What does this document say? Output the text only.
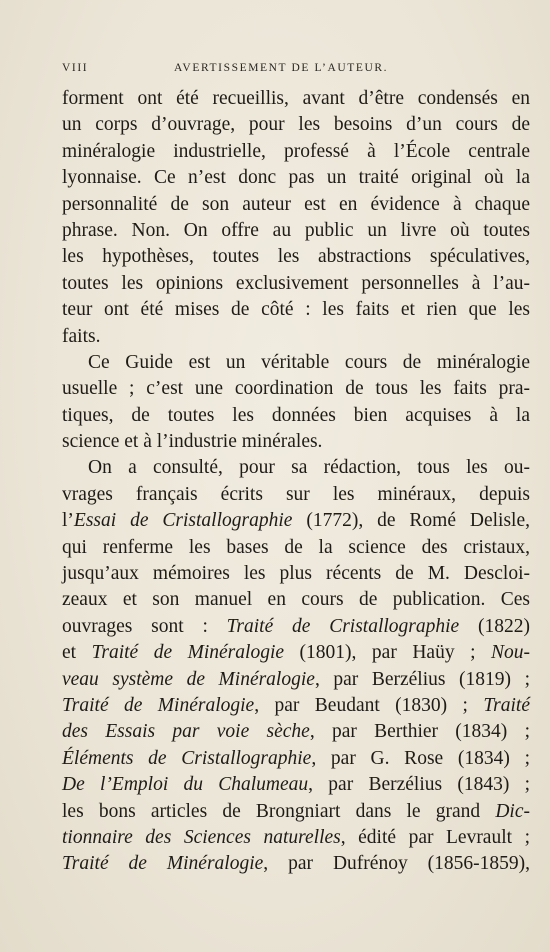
VIII	AVERTISSEMENT DE L’AUTEUR.
forment ont été recueillis, avant d’être condensés en
un corps d’ouvrage, pour les besoins d’un cours de
minéralogie industrielle, professé à l’École centrale
lyonnaise. Ce n’est donc pas un traité original où la
personnalité de son auteur est en évidence à chaque
phrase. Non. On offre au public un livre où toutes
les hypothèses, toutes les abstractions spéculatives,
toutes les opinions exclusivement personnelles à l’au-
teur ont été mises de côté : les faits et rien que les
faits.
Ce Guide est un véritable cours de minéralogie
usuelle ; c’est une coordination de tous les faits pra-
tiques, de toutes les données bien acquises à la
science et à l’industrie minérales.
On a consulté, pour sa rédaction, tous les ou-
vrages français écrits sur les minéraux, depuis
l’Essai de Cristallographie (1772), de Romé Delisle,
qui renferme les bases de la science des cristaux,
jusqu’aux mémoires les plus récents de M. Descloi-
zeaux et son manuel en cours de publication. Ces
ouvrages sont : Traité de Cristallographie (1822)
et Traité de Minéralogie (1801), par Haüy ; Nou-
veau système de Minéralogie, par Berzélius (1819) ;
Traité de Minéralogie, par Beudant (1830) ; Traité
des Essais par voie sèche, par Berthier (1834) ;
Éléments de Cristallographie, par G. Rose (1834) ;
De l’Emploi du Chalumeau, par Berzélius (1843) ;
les bons articles de Brongniart dans le grand Dic-
tionnaire des Sciences naturelles, édité par Levrault ;
Traité de Minéralogie, par Dufrénoy (1856-1859),
